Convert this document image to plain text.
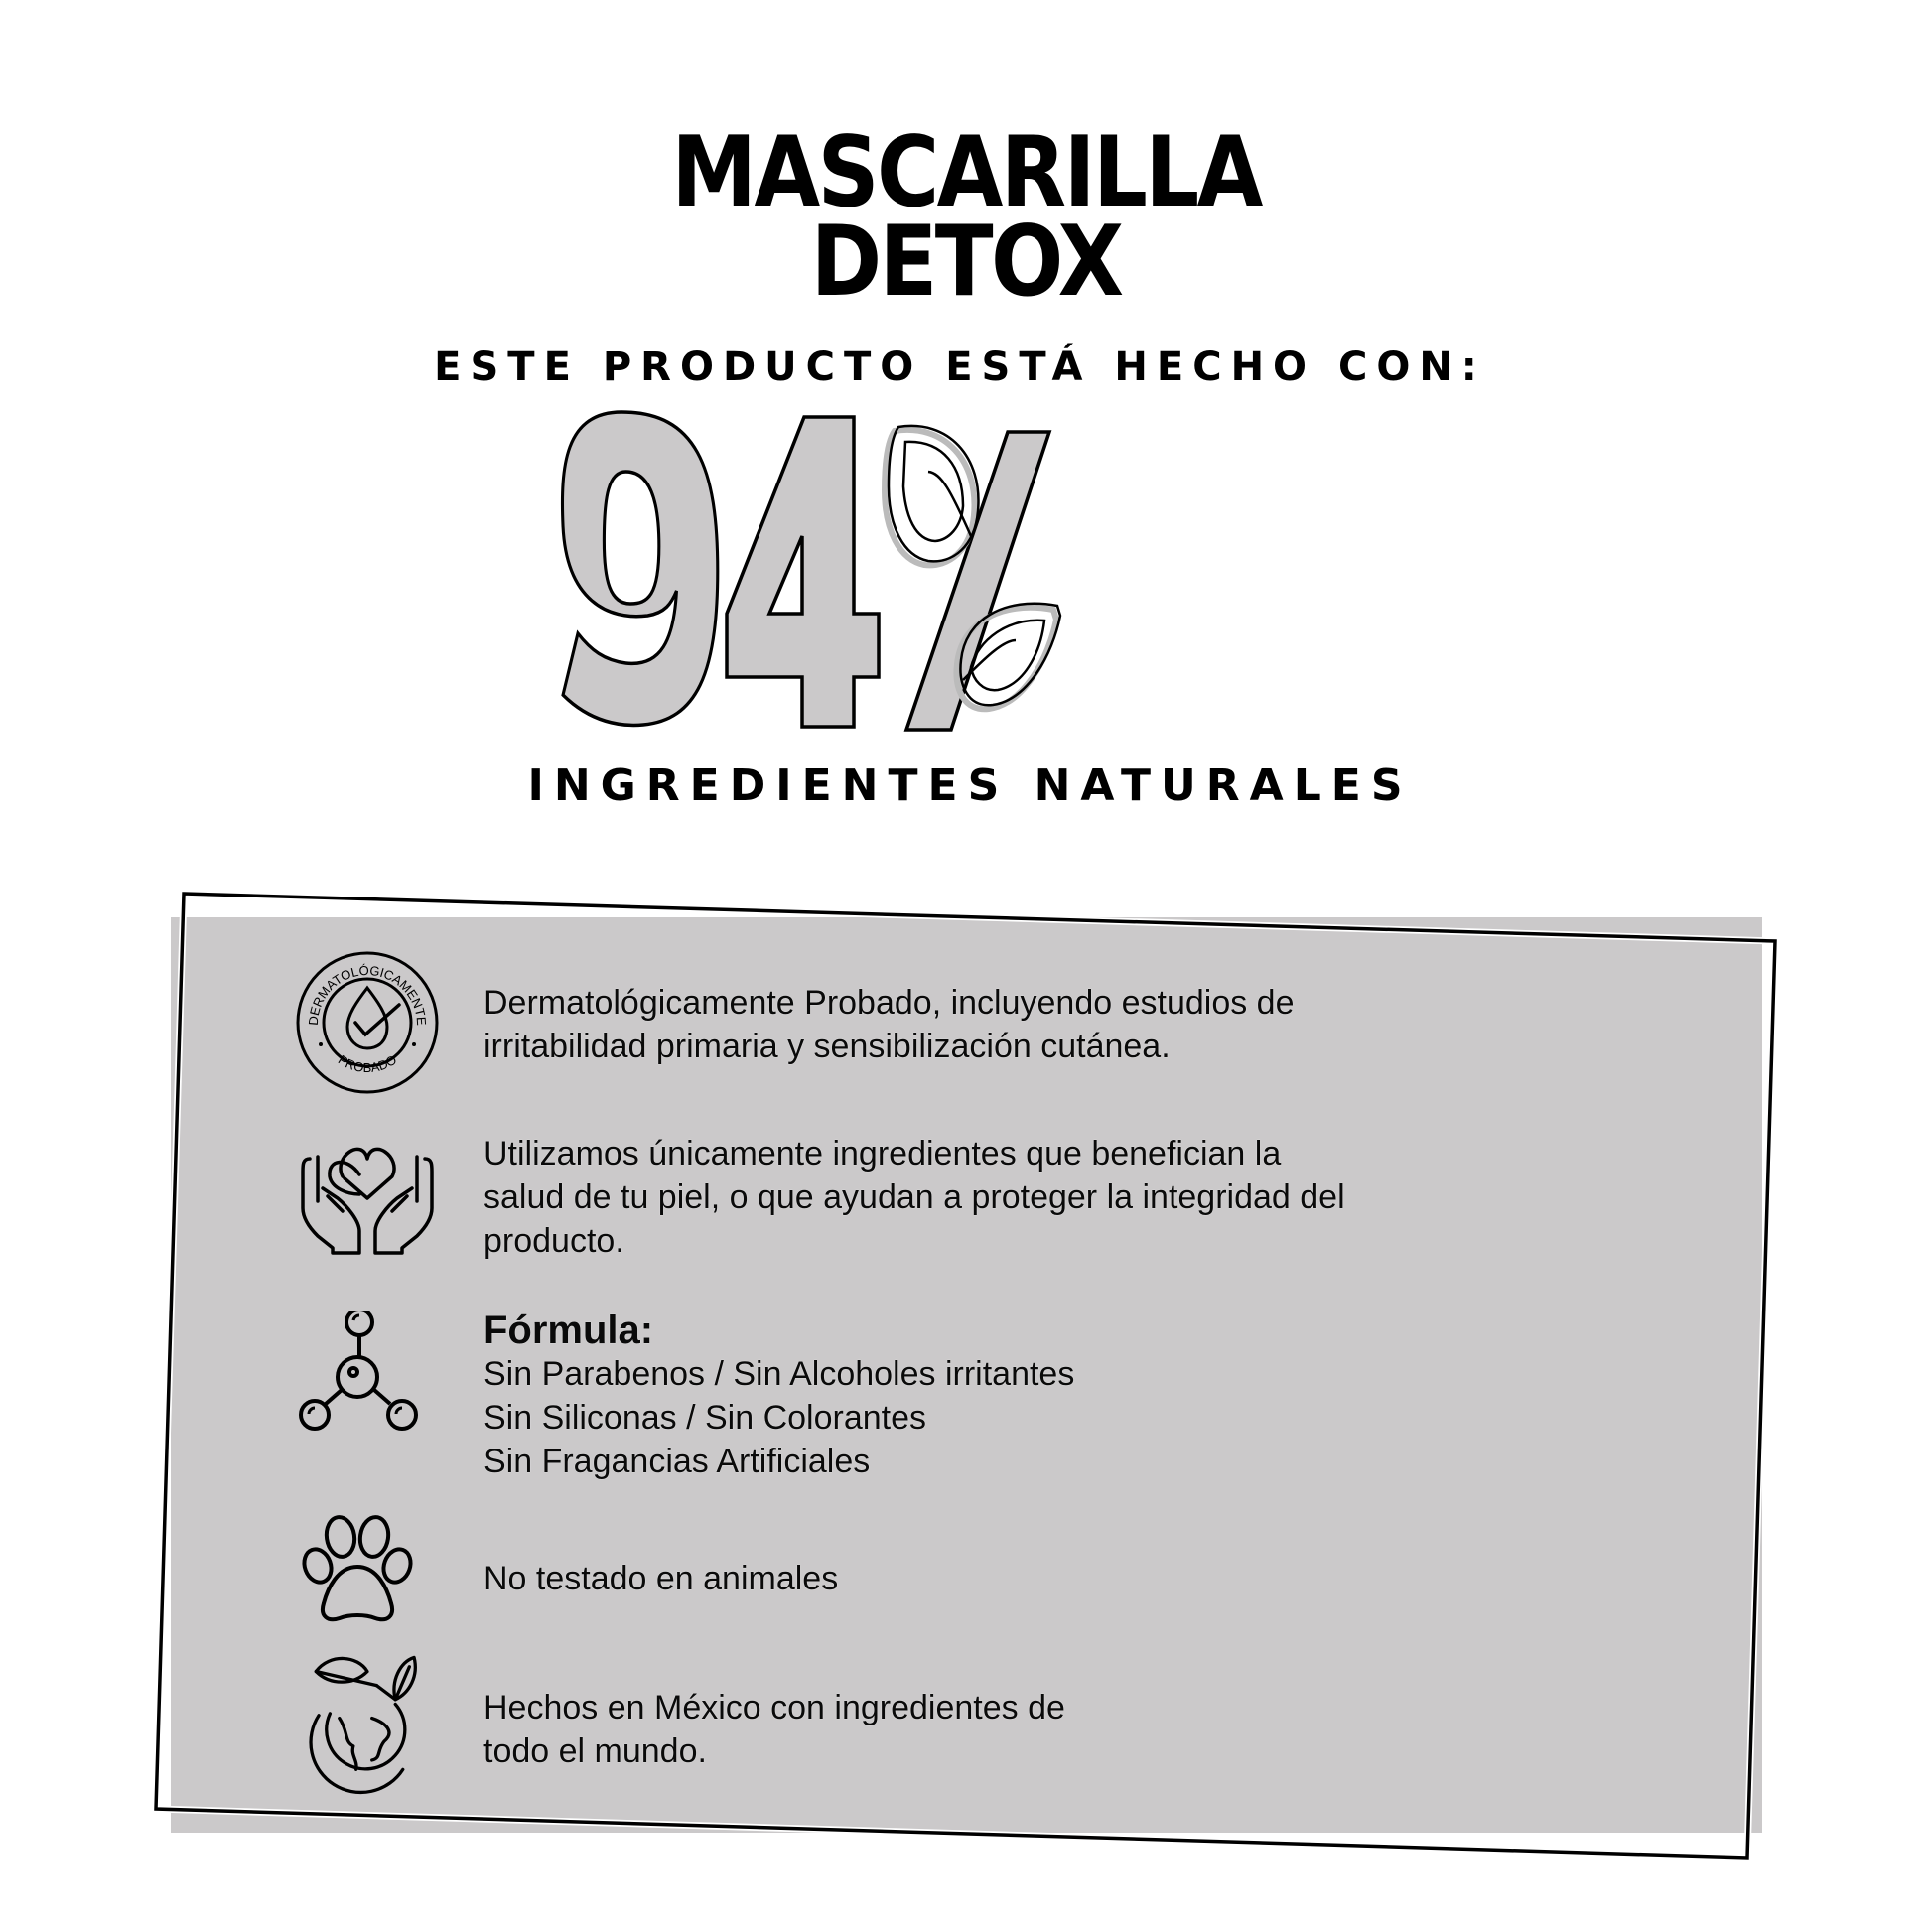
MASCARILLA
DETOX
ESTE PRODUCTO ESTÁ HECHO CON:
INGREDIENTES NATURALES
DERMATOLÓGICAMENTE
PROBADO
Dermatológicamente Probado, incluyendo estudios de
irritabilidad primaria y sensibilización cutánea.
Utilizamos únicamente ingredientes que benefician la
salud de tu piel, o que ayudan a proteger la integridad del
producto.
Fórmula:
Sin Parabenos / Sin Alcoholes irritantes
Sin Siliconas / Sin Colorantes
Sin Fragancias Artificiales
No testado en animales
Hechos en México con ingredientes de
todo el mundo.
